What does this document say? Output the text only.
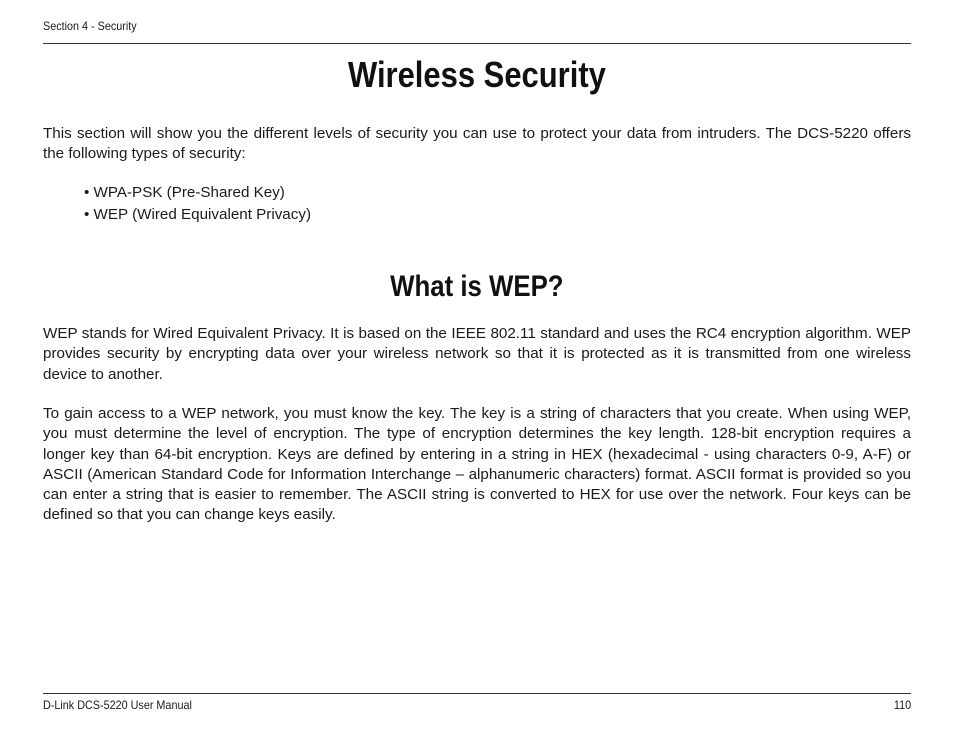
Section 4 - Security
Wireless Security

This section will show you the different levels of security you can use to protect your data from intruders. The DCS-5220 offers the following types of security:

• WPA-PSK (Pre-Shared Key)
• WEP (Wired Equivalent Privacy)
What is WEP?

WEP stands for Wired Equivalent Privacy. It is based on the IEEE 802.11 standard and uses the RC4 encryption algorithm. WEP provides security by encrypting data over your wireless network so that it is protected as it is transmitted from one wireless device to another.

To gain access to a WEP network, you must know the key. The key is a string of characters that you create. When using WEP, you must determine the level of encryption. The type of encryption determines the key length. 128-bit encryption requires a longer key than 64-bit encryption. Keys are defined by entering in a string in HEX (hexadecimal - using characters 0-9, A-F) or ASCII (American Standard Code for Information Interchange – alphanumeric characters) format. ASCII format is provided so you can enter a string that is easier to remember. The ASCII string is converted to HEX for use over the network. Four keys can be defined so that you can change keys easily.

D-Link DCS-5220 User Manual	110
